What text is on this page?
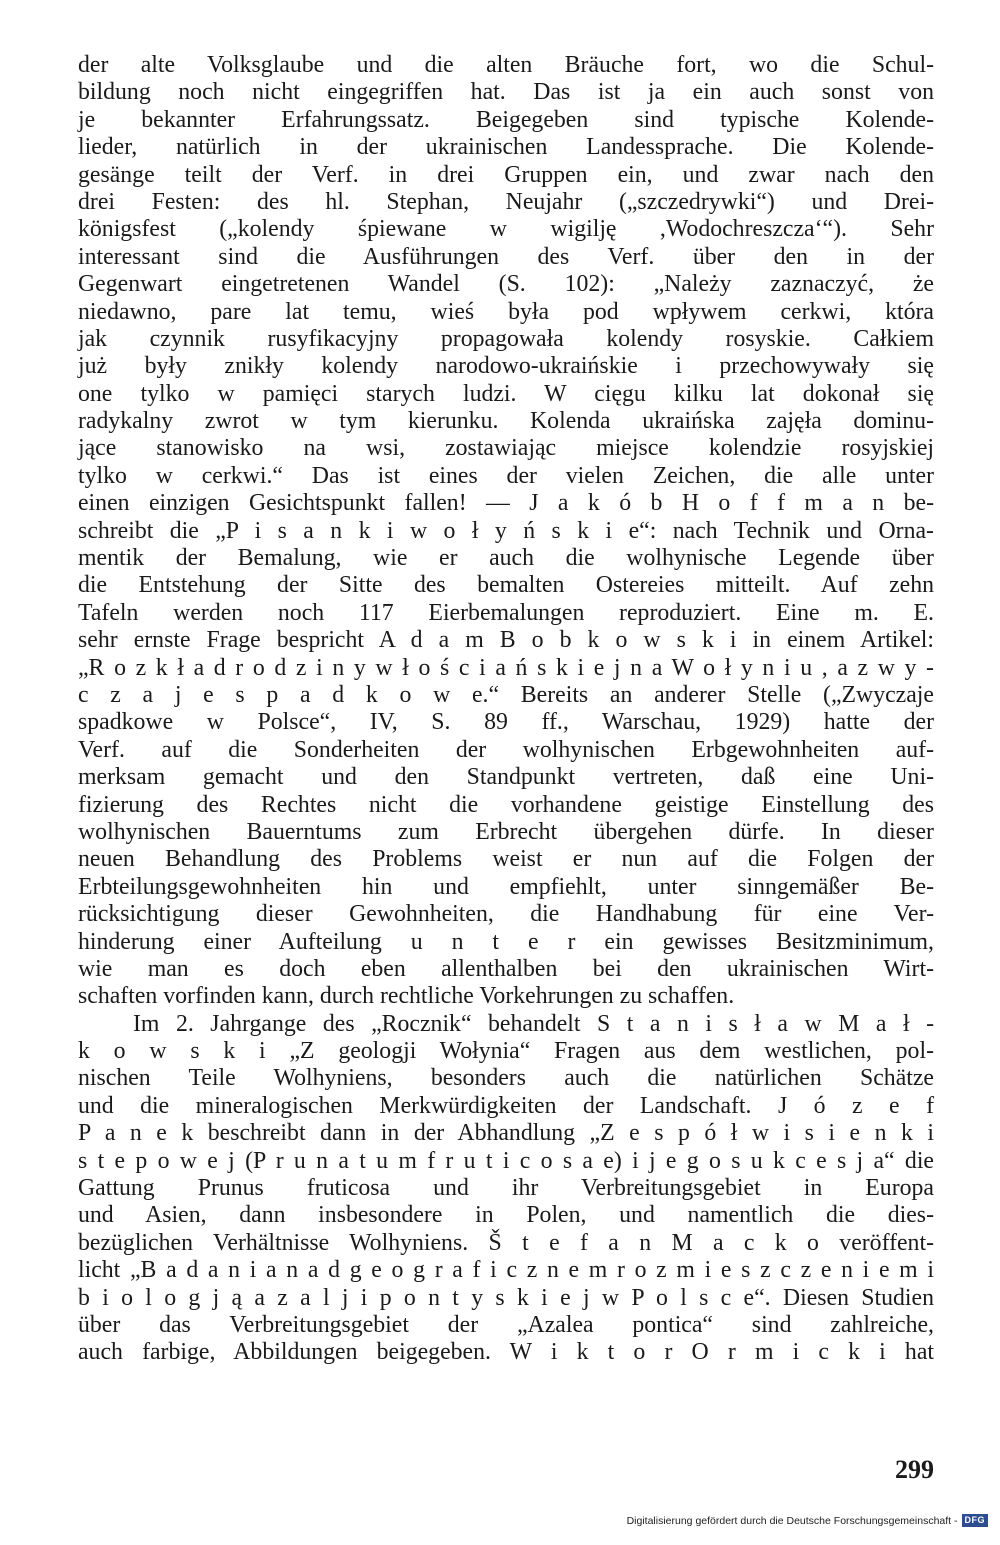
der alte Volksglaube und die alten Bräuche fort, wo die Schul-
bildung noch nicht eingegriffen hat. Das ist ja ein auch sonst von
je bekannter Erfahrungssatz. Beigegeben sind typische Kolende-
lieder, natürlich in der ukrainischen Landessprache. Die Kolende-
gesänge teilt der Verf. in drei Gruppen ein, und zwar nach den
drei Festen: des hl. Stephan, Neujahr („szczedrywki“) und Drei-
königsfest („kolendy śpiewane w wigilję ,Wodochreszcza‘“). Sehr
interessant sind die Ausführungen des Verf. über den in der
Gegenwart eingetretenen Wandel (S. 102): „Należy zaznaczyć, że
niedawno, pare lat temu, wieś była pod wpływem cerkwi, która
jak czynnik rusyfikacyjny propagowała kolendy rosyskie. Całkiem
już były znikły kolendy narodowo-ukraińskie i przechowywały się
one tylko w pamięci starych ludzi. W cięgu kilku lat dokonał się
radykalny zwrot w tym kierunku. Kolenda ukraińska zajęła dominu-
jące stanowisko na wsi, zostawiając miejsce kolendzie rosyjskiej
tylko w cerkwi.“ Das ist eines der vielen Zeichen, die alle unter
einen einzigen Gesichtspunkt fallen! — J a k ó b H o f f m a n be-
schreibt die „P i s a n k i w o ł y ń s k i e“: nach Technik und Orna-
mentik der Bemalung, wie er auch die wolhynische Legende über
die Entstehung der Sitte des bemalten Ostereies mitteilt. Auf zehn
Tafeln werden noch 117 Eierbemalungen reproduziert. Eine m. E.
sehr ernste Frage bespricht A d a m B o b k o w s k i in einem Artikel:
„R o z k ł a d r o d z i n y w ł o ś c i a ń s k i e j n a W o ł y n i u , a z w y -
c z a j e s p a d k o w e.“ Bereits an anderer Stelle („Zwyczaje
spadkowe w Polsce“, IV, S. 89 ff., Warschau, 1929) hatte der
Verf. auf die Sonderheiten der wolhynischen Erbgewohnheiten auf-
merksam gemacht und den Standpunkt vertreten, daß eine Uni-
fizierung des Rechtes nicht die vorhandene geistige Einstellung des
wolhynischen Bauerntums zum Erbrecht übergehen dürfe. In dieser
neuen Behandlung des Problems weist er nun auf die Folgen der
Erbteilungsgewohnheiten hin und empfiehlt, unter sinngemäßer Be-
rücksichtigung dieser Gewohnheiten, die Handhabung für eine Ver-
hinderung einer Aufteilung u n t e r ein gewisses Besitzminimum,
wie man es doch eben allenthalben bei den ukrainischen Wirt-
schaften vorfinden kann, durch rechtliche Vorkehrungen zu schaffen.
Im 2. Jahrgange des „Rocznik“ behandelt S t a n i s ł a w M a ł -
k o w s k i „Z geologji Wołynia“ Fragen aus dem westlichen, pol-
nischen Teile Wolhyniens, besonders auch die natürlichen Schätze
und die mineralogischen Merkwürdigkeiten der Landschaft. J ó z e f
P a n e k beschreibt dann in der Abhandlung „Z e s p ó ł w i s i e n k i
s t e p o w e j (P r u n a t u m f r u t i c o s a e) i j e g o s u k c e s j a“ die
Gattung Prunus fruticosa und ihr Verbreitungsgebiet in Europa
und Asien, dann insbesondere in Polen, und namentlich die dies-
bezüglichen Verhältnisse Wolhyniens. Š t e f a n M a c k o veröffent-
licht „B a d a n i a n a d g e o g r a f i c z n e m r o z m i e s z c z e n i e m i
b i o l o g j ą a z a l j i p o n t y s k i e j w P o l s c e“. Diesen Studien
über das Verbreitungsgebiet der „Azalea pontica“ sind zahlreiche,
auch farbige, Abbildungen beigegeben. W i k t o r O r m i c k i hat
299
Digitalisierung gefördert durch die Deutsche Forschungsgemeinschaft - DFG
